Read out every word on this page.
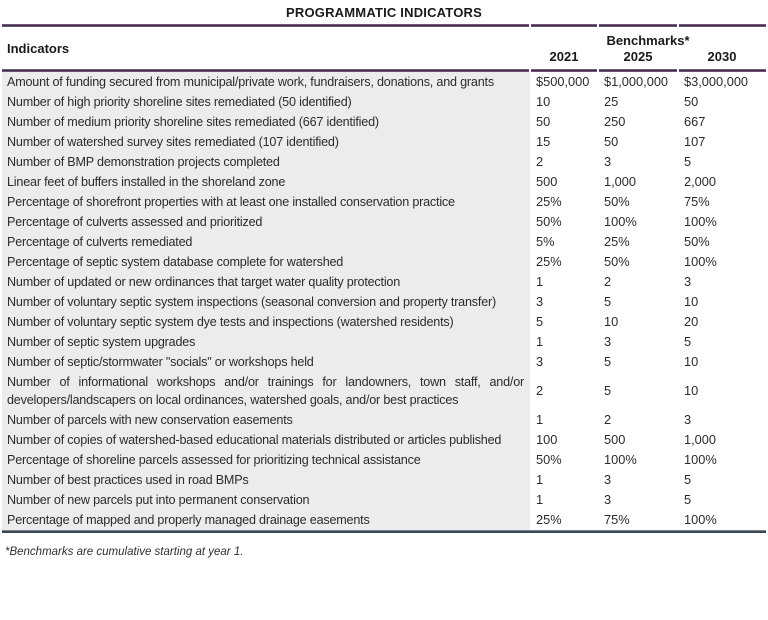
PROGRAMMATIC INDICATORS

Indicators	Benchmarks*		
	2021	2025	2030

Amount of funding secured from municipal/private work, fundraisers, donations, and grants	$500,000	$1,000,000	$3,000,000
Number of high priority shoreline sites remediated (50 identified)	10	25	50
Number of medium priority shoreline sites remediated (667 identified)	50	250	667
Number of watershed survey sites remediated (107 identified)	15	50	107
Number of BMP demonstration projects completed	2	3	5
Linear feet of buffers installed in the shoreland zone	500	1,000	2,000
Percentage of shorefront properties with at least one installed conservation practice	25%	50%	75%
Percentage of culverts assessed and prioritized	50%	100%	100%
Percentage of culverts remediated	5%	25%	50%
Percentage of septic system database complete for watershed	25%	50%	100%
Number of updated or new ordinances that target water quality protection	1	2	3
Number of voluntary septic system inspections (seasonal conversion and property transfer)	3	5	10
Number of voluntary septic system dye tests and inspections (watershed residents)	5	10	20
Number of septic system upgrades	1	3	5
Number of septic/stormwater "socials" or workshops held	3	5	10
Number of informational workshops and/or trainings for landowners, town staff, and/or developers/landscapers on local ordinances, watershed goals, and/or best practices	2	5	10
Number of parcels with new conservation easements	1	2	3
Number of copies of watershed-based educational materials distributed or articles published	100	500	1,000
Percentage of shoreline parcels assessed for prioritizing technical assistance	50%	100%	100%
Number of best practices used in road BMPs	1	3	5
Number of new parcels put into permanent conservation	1	3	5
Percentage of mapped and properly managed drainage easements	25%	75%	100%

*Benchmarks are cumulative starting at year 1.
